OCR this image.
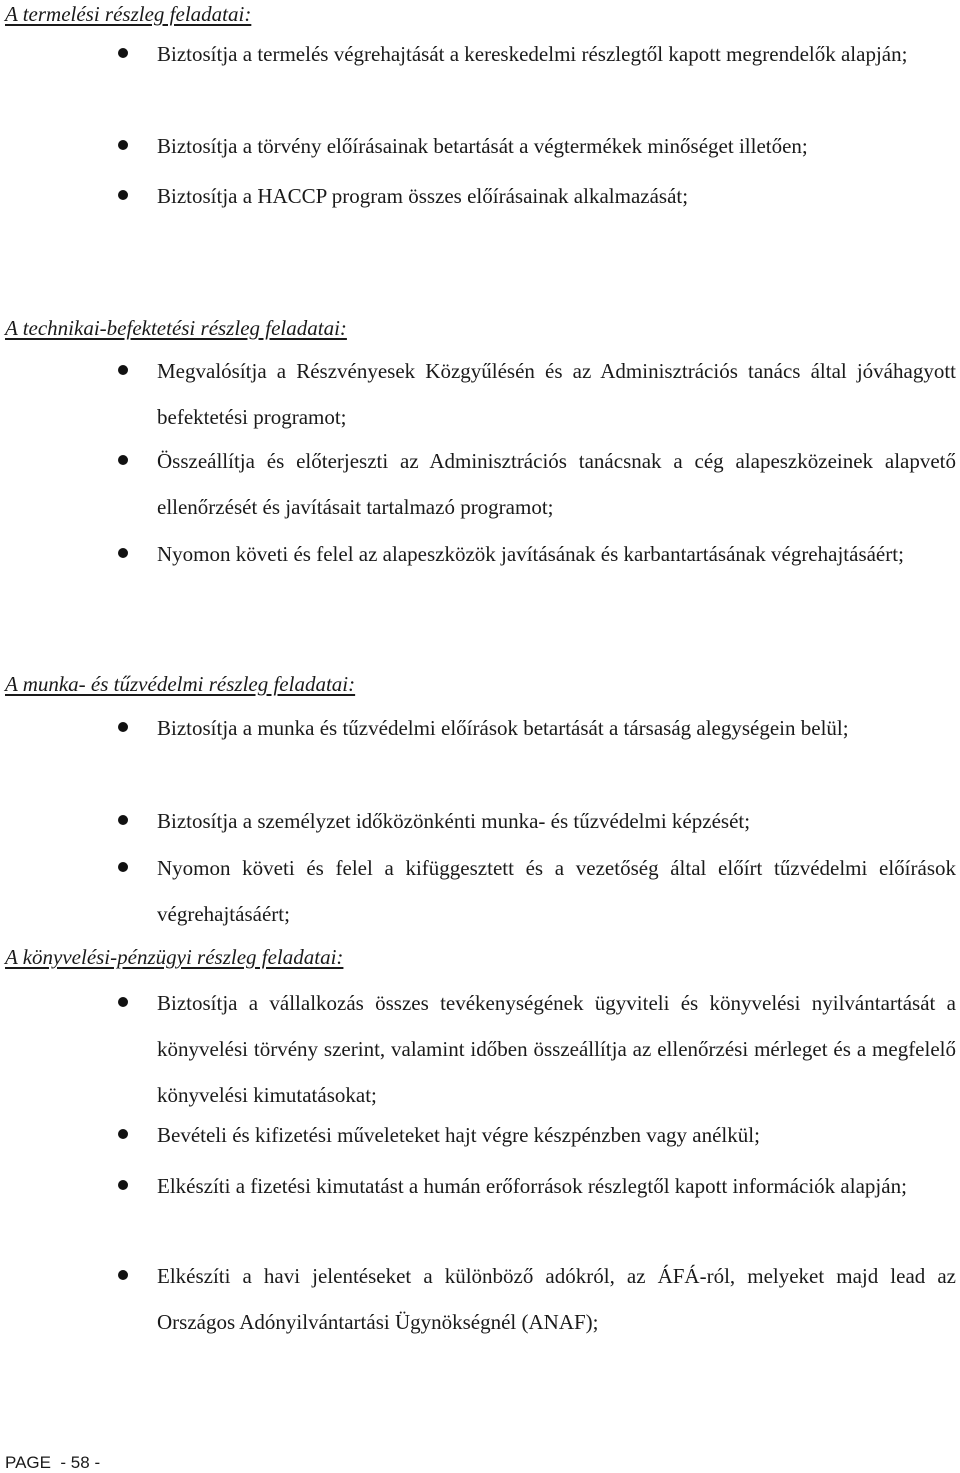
A termelési részleg feladatai:
Biztosítja a termelés végrehajtását a kereskedelmi részlegtől kapott megrendelők alapján;
Biztosítja a törvény előírásainak betartását a végtermékek minőséget illetően;
Biztosítja a HACCP program összes előírásainak alkalmazását;
A technikai-befektetési részleg feladatai:
Megvalósítja a Részvényesek Közgyűlésén és az Adminisztrációs tanács által jóváhagyott befektetési programot;
Összeállítja és előterjeszti az Adminisztrációs tanácsnak a cég alapeszközeinek alapvető ellenőrzését és javításait tartalmazó programot;
Nyomon követi és felel az alapeszközök javításának és karbantartásának végrehajtásáért;
A munka- és tűzvédelmi részleg feladatai:
Biztosítja a munka és tűzvédelmi előírások betartását a társaság alegységein belül;
Biztosítja a személyzet időközönkénti munka- és tűzvédelmi képzését;
Nyomon követi és felel a kifüggesztett és a vezetőség által előírt tűzvédelmi előírások végrehajtásáért;
A könyvelési-pénzügyi részleg feladatai:
Biztosítja a vállalkozás összes tevékenységének ügyviteli és könyvelési nyilvántartását a könyvelési törvény szerint, valamint időben összeállítja az ellenőrzési mérleget és a megfelelő könyvelési kimutatásokat;
Bevételi és kifizetési műveleteket hajt végre készpénzben vagy anélkül;
Elkészíti a fizetési kimutatást a humán erőforrások részlegtől kapott információk alapján;
Elkészíti a havi jelentéseket a különböző adókról, az ÁFÁ-ról, melyeket majd lead az Országos Adónyilvántartási Ügynökségnél (ANAF);
PAGE  - 58 -
